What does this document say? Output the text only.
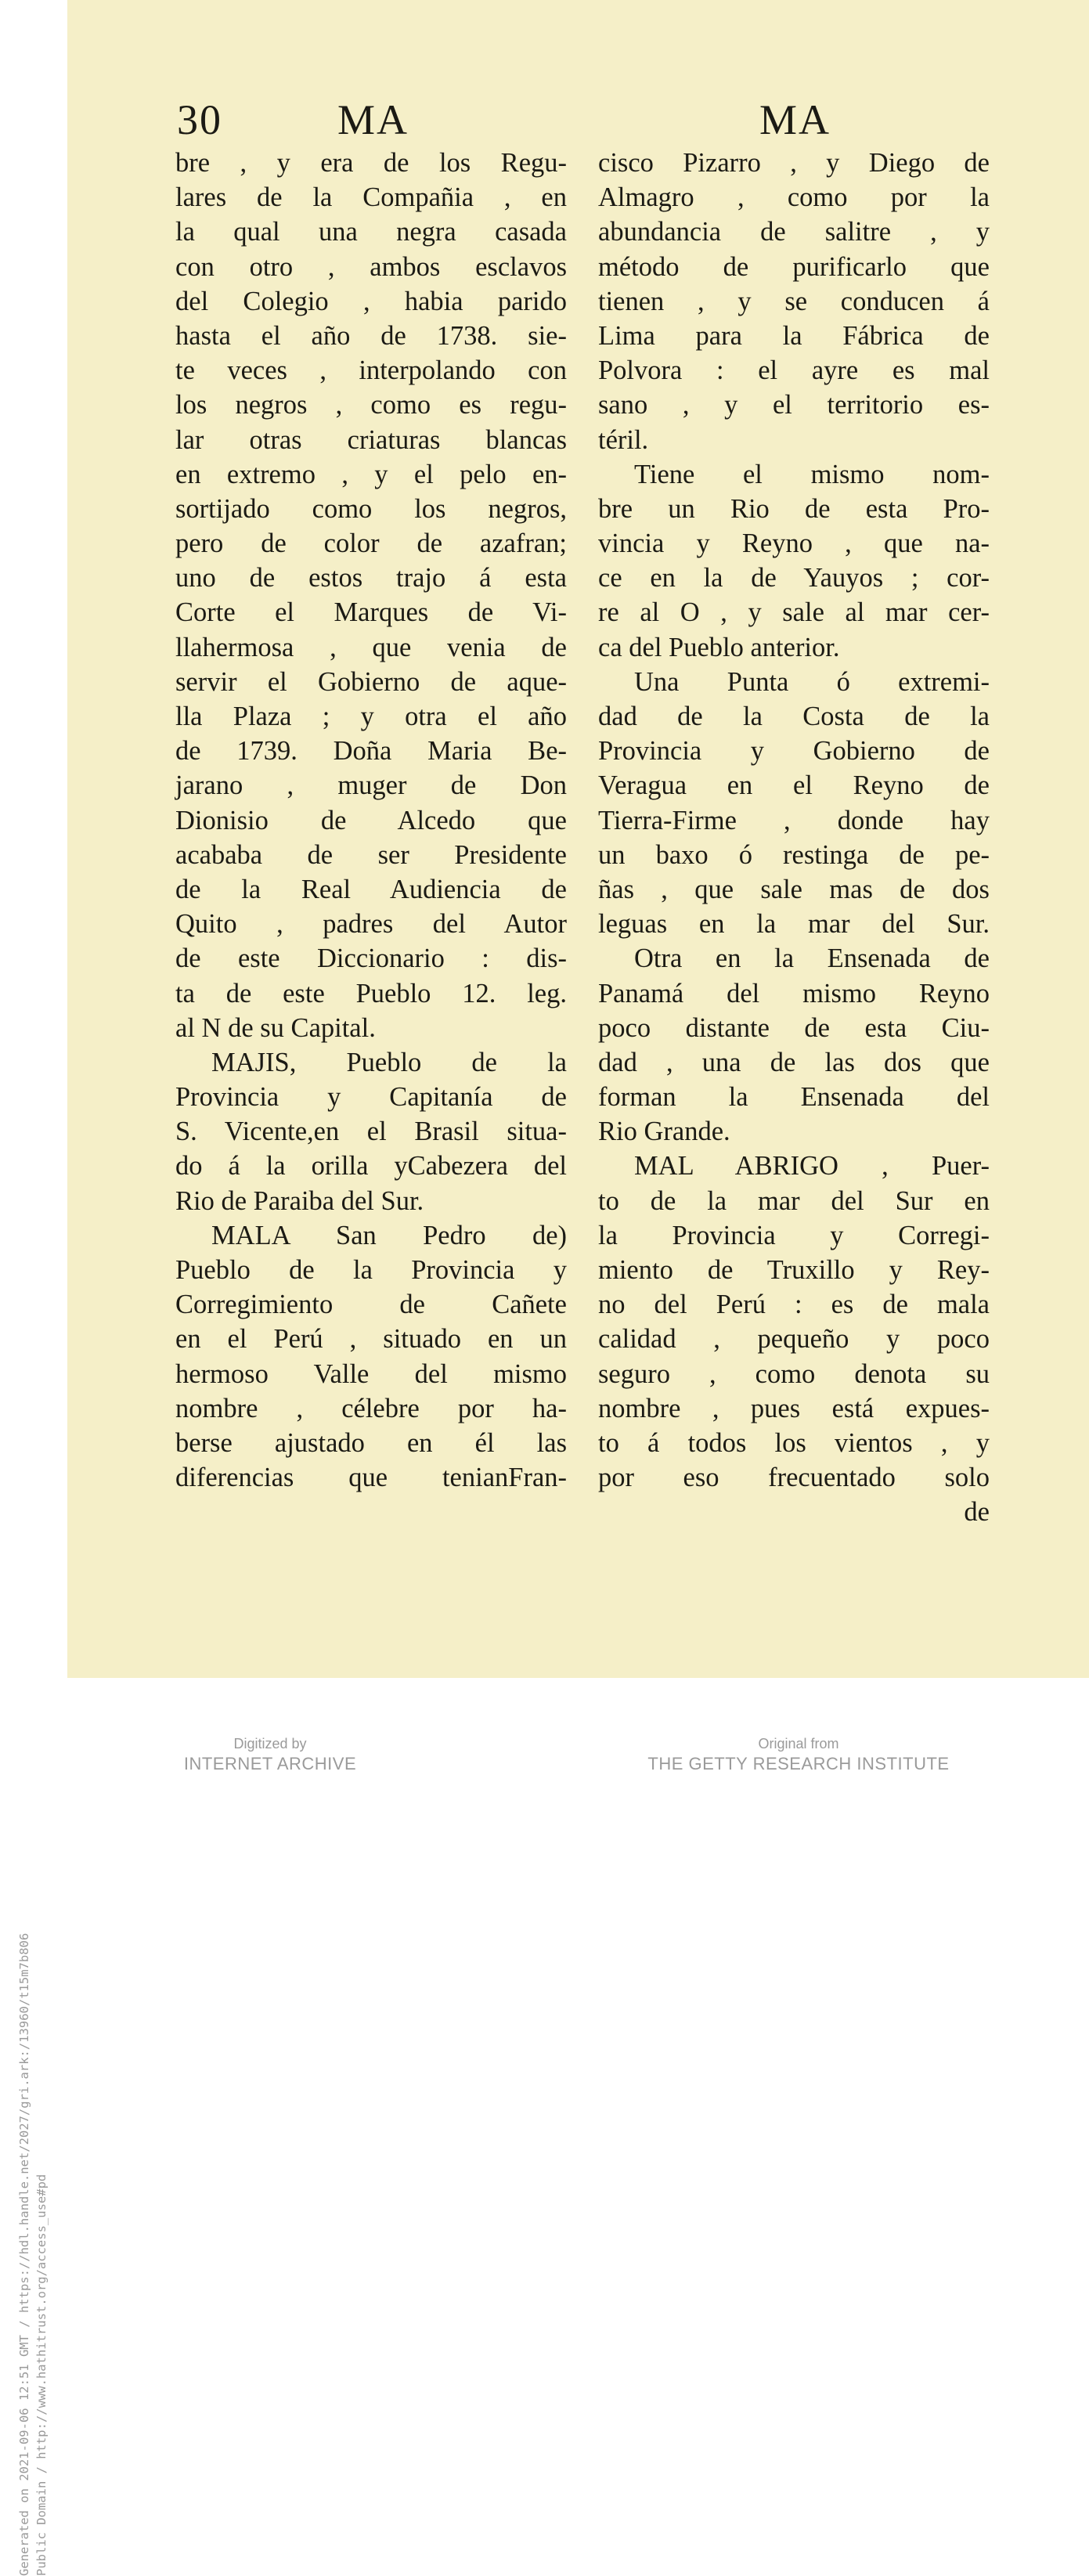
30	MA	MA
bre , y era de los Regu-
lares de la Compañia , en
la qual una negra casada
con otro , ambos esclavos
del Colegio , habia parido
hasta el año de 1738. sie-
te veces , interpolando con
los negros , como es regu-
lar otras criaturas blancas
en extremo , y el pelo en-
sortijado como los negros,
pero de color de azafran;
uno de estos trajo á esta
Corte el Marques de Vi-
llahermosa , que venia de
servir el Gobierno de aque-
lla Plaza ; y otra el año
de 1739. Doña Maria Be-
jarano , muger de Don
Dionisio de Alcedo que
acababa de ser Presidente
de la Real Audiencia de
Quito , padres del Autor
de este Diccionario : dis-
ta de este Pueblo 12. leg.
al N de su Capital.
MAJIS, Pueblo de la
Provincia y Capitanía de
S. Vicente,en el Brasil situa-
do á la orilla yCabezera del
Rio de Paraiba del Sur.
MALA San Pedro de)
Pueblo de la Provincia y
Corregimiento de Cañete
en el Perú , situado en un
hermoso Valle del mismo
nombre , célebre por ha-
berse ajustado en él las
diferencias que tenianFran-
cisco Pizarro , y Diego de
Almagro , como por la
abundancia de salitre , y
método de purificarlo que
tienen , y se conducen á
Lima para la Fábrica de
Polvora : el ayre es mal
sano , y el territorio es-
téril.
Tiene el mismo nom-
bre un Rio de esta Pro-
vincia y Reyno , que na-
ce en la de Yauyos ; cor-
re al O , y sale al mar cer-
ca del Pueblo anterior.
Una Punta ó extremi-
dad de la Costa de la
Provincia y Gobierno de
Veragua en el Reyno de
Tierra-Firme , donde hay
un baxo ó restinga de pe-
ñas , que sale mas de dos
leguas en la mar del Sur.
Otra en la Ensenada de
Panamá del mismo Reyno
poco distante de esta Ciu-
dad , una de las dos que
forman la Ensenada del
Rio Grande.
MAL ABRIGO , Puer-
to de la mar del Sur en
la Provincia y Corregi-
miento de Truxillo y Rey-
no del Perú : es de mala
calidad , pequeño y poco
seguro , como denota su
nombre , pues está expues-
to á todos los vientos , y
por eso frecuentado solo
de
Generated on 2021-09-06 12:51 GMT / https://hdl.handle.net/2027/gri.ark:/13960/t15m7b806 Public Domain / http://www.hathitrust.org/access_use#pd
Digitized by
INTERNET ARCHIVE
Original from
THE GETTY RESEARCH INSTITUTE
